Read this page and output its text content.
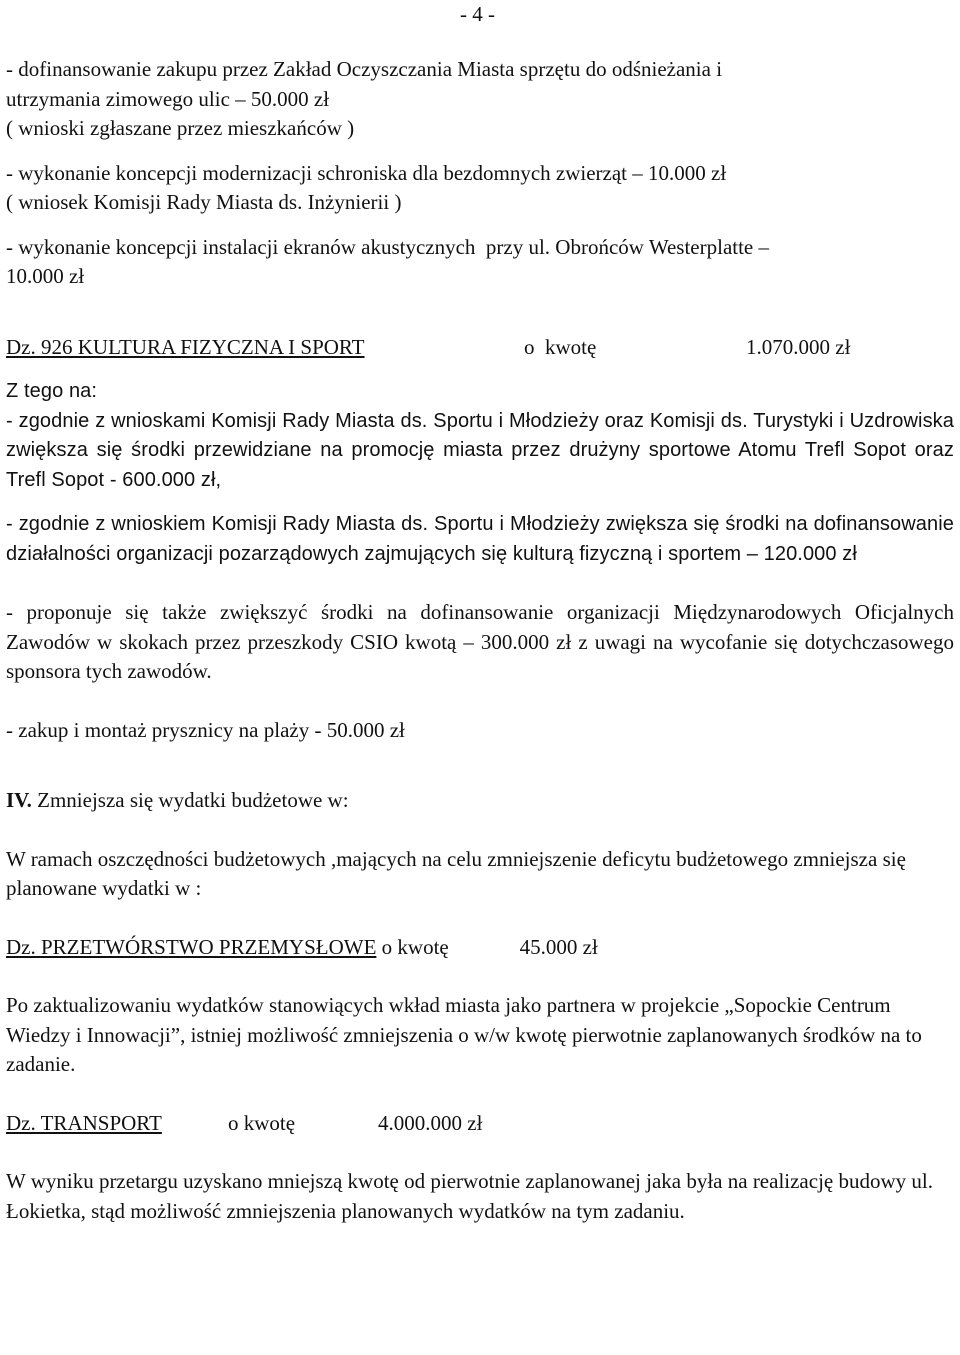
- 4 -

- dofinansowanie zakupu przez Zakład Oczyszczania Miasta sprzętu do odśnieżania i

utrzymania zimowego ulic – 50.000 zł

( wnioski zgłaszane przez mieszkańców )

- wykonanie koncepcji modernizacji schroniska dla bezdomnych zwierząt – 10.000 zł

( wniosek Komisji Rady Miasta ds. Inżynierii )

- wykonanie koncepcji instalacji ekranów akustycznych  przy ul. Obrońców Westerplatte –

10.000 zł

Dz. 926 KULTURA FIZYCZNA I SPORT	o  kwotę	1.070.000 zł

Z tego na:

- zgodnie z wnioskami Komisji Rady Miasta ds. Sportu i Młodzieży oraz Komisji ds. Turystyki i Uzdrowiska zwiększa się środki przewidziane na promocję miasta przez drużyny sportowe Atomu Trefl Sopot oraz Trefl Sopot - 600.000 zł,

- zgodnie z wnioskiem Komisji Rady Miasta ds. Sportu i Młodzieży zwiększa się środki na dofinansowanie działalności organizacji pozarządowych zajmujących się kulturą fizyczną i sportem – 120.000 zł

- proponuje się także zwiększyć środki na dofinansowanie organizacji Międzynarodowych Oficjalnych Zawodów w skokach przez przeszkody CSIO kwotą – 300.000 zł z uwagi na wycofanie się dotychczasowego sponsora tych zawodów.

- zakup i montaż prysznicy na plaży - 50.000 zł

IV. Zmniejsza się wydatki budżetowe w:

W ramach oszczędności budżetowych ,mających na celu zmniejszenie deficytu budżetowego zmniejsza się planowane wydatki w :

Dz. PRZETWÓRSTWO PRZEMYSŁOWE o kwotę	45.000 zł

Po zaktualizowaniu wydatków stanowiących wkład miasta jako partnera w projekcie „Sopockie Centrum Wiedzy i Innowacji”, istniej możliwość zmniejszenia o w/w kwotę pierwotnie zaplanowanych środków na to zadanie.

Dz. TRANSPORT	o kwotę	4.000.000 zł

W wyniku przetargu uzyskano mniejszą kwotę od pierwotnie zaplanowanej jaka była na realizację budowy ul. Łokietka, stąd możliwość zmniejszenia planowanych wydatków na tym zadaniu.
